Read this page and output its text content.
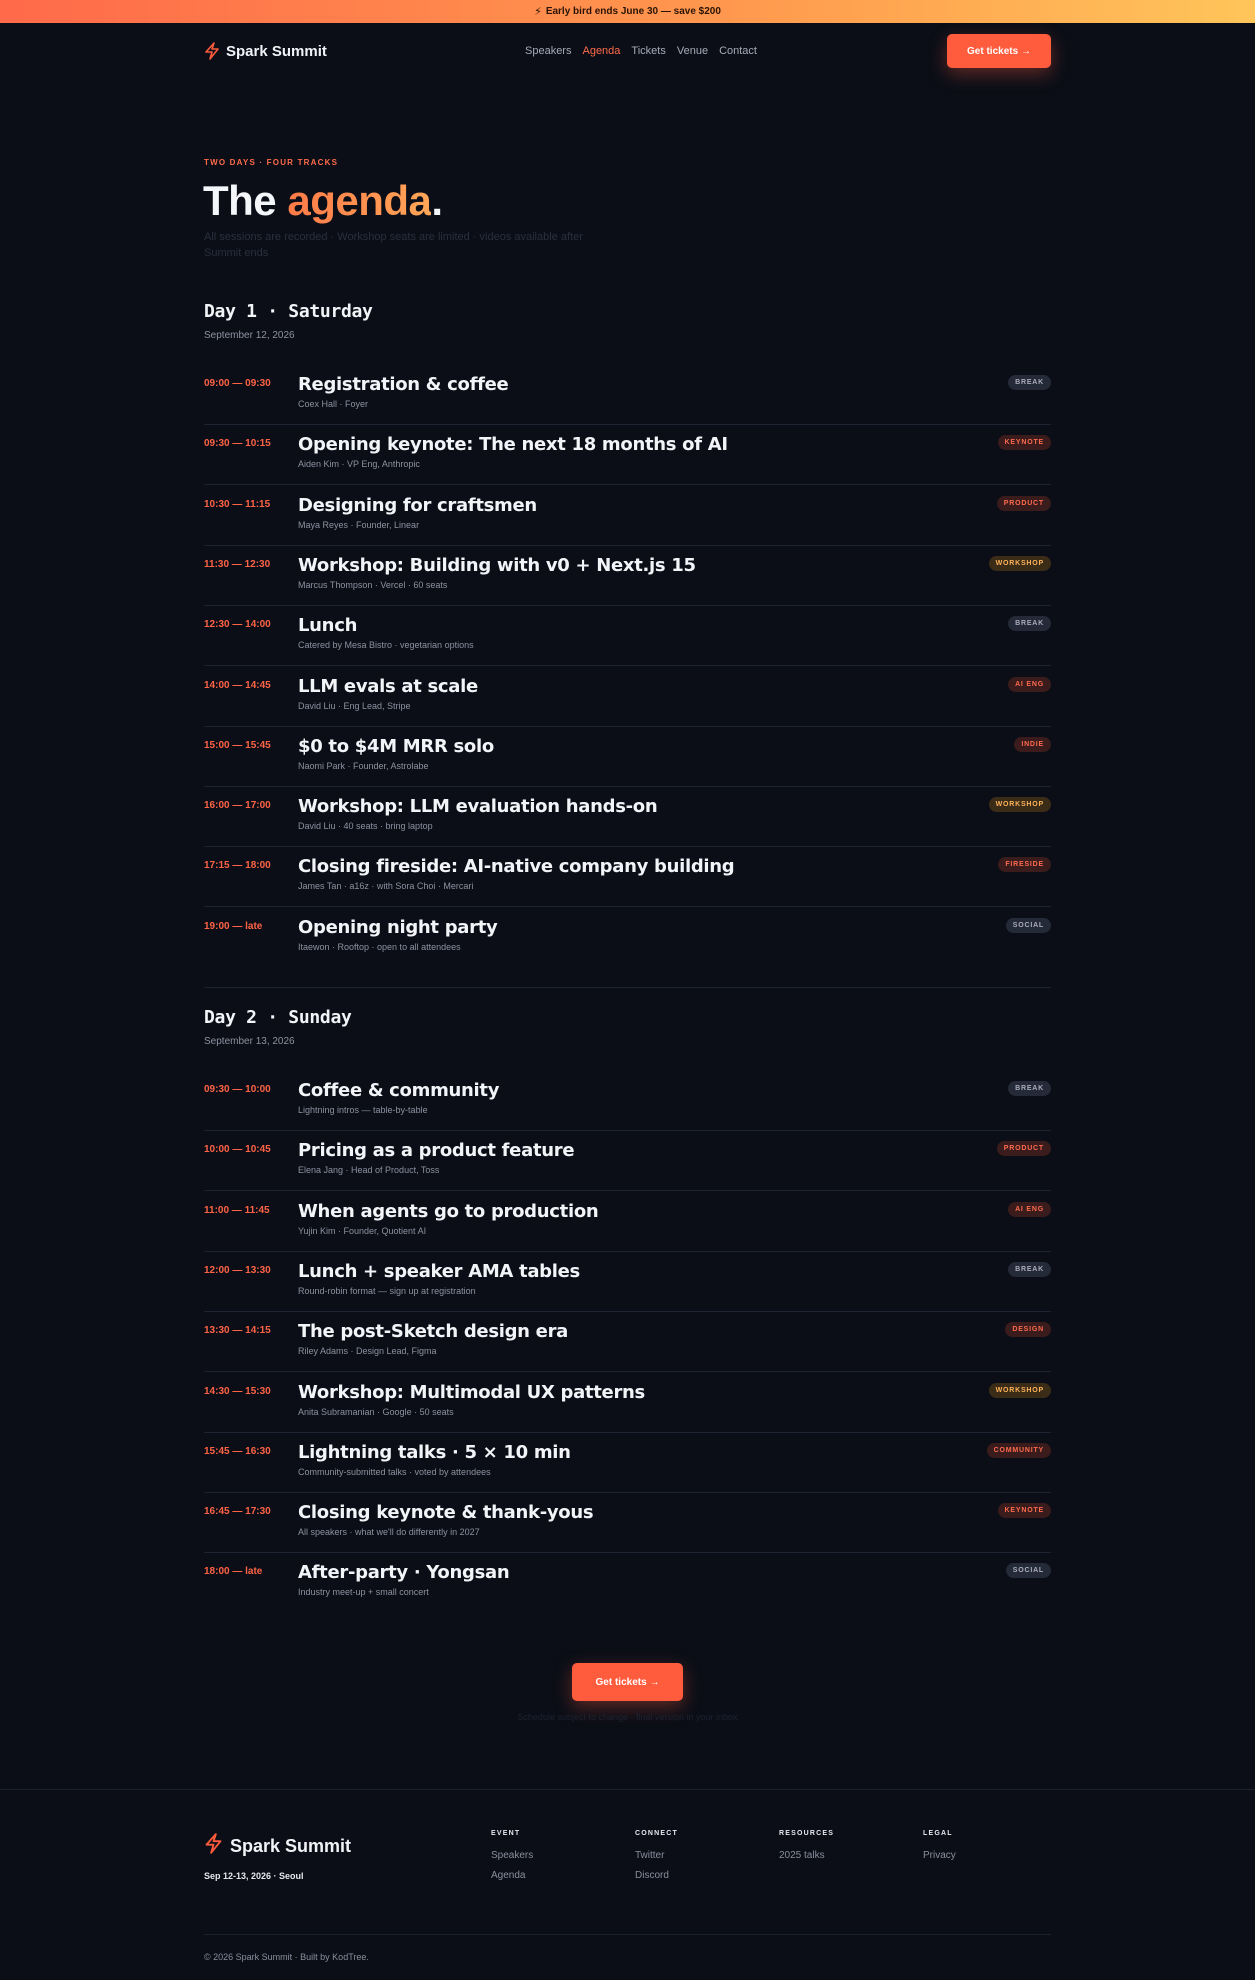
⚡ Early bird ends June 30 — save $200
Spark Summit	Speakers Agenda Tickets Venue Contact	Get tickets →
TWO DAYS · FOUR TRACKS
The agenda.
All sessions are recorded · Workshop seats are limited · videos available after Summit ends
Day 1 · Saturday
September 12, 2026
09:00 — 09:30 Registration & coffee
Coex Hall · Foyer
BREAK
09:30 — 10:15 Opening keynote: The next 18 months of AI
Aiden Kim · VP Eng, Anthropic
KEYNOTE
10:30 — 11:15 Designing for craftsmen
Maya Reyes · Founder, Linear
PRODUCT
11:30 — 12:30 Workshop: Building with v0 + Next.js 15
Marcus Thompson · Vercel · 60 seats
WORKSHOP
12:30 — 14:00 Lunch
Catered by Mesa Bistro · vegetarian options
BREAK
14:00 — 14:45 LLM evals at scale
David Liu · Eng Lead, Stripe
AI ENG
15:00 — 15:45 $0 to $4M MRR solo
Naomi Park · Founder, Astrolabe
INDIE
16:00 — 17:00 Workshop: LLM evaluation hands-on
David Liu · 40 seats · bring laptop
WORKSHOP
17:15 — 18:00 Closing fireside: AI-native company building
James Tan · a16z · with Sora Choi · Mercari
FIRESIDE
19:00 — late Opening night party
Itaewon · Rooftop · open to all attendees
SOCIAL
Day 2 · Sunday
September 13, 2026
09:30 — 10:00 Coffee & community
Lightning intros — table-by-table
BREAK
10:00 — 10:45 Pricing as a product feature
Elena Jang · Head of Product, Toss
PRODUCT
11:00 — 11:45 When agents go to production
Yujin Kim · Founder, Quotient AI
AI ENG
12:00 — 13:30 Lunch + speaker AMA tables
Round-robin format — sign up at registration
BREAK
13:30 — 14:15 The post-Sketch design era
Riley Adams · Design Lead, Figma
DESIGN
14:30 — 15:30 Workshop: Multimodal UX patterns
Anita Subramanian · Google · 50 seats
WORKSHOP
15:45 — 16:30 Lightning talks · 5 × 10 min
Community-submitted talks · voted by attendees
COMMUNITY
16:45 — 17:30 Closing keynote & thank-yous
All speakers · what we'll do differently in 2027
KEYNOTE
18:00 — late After-party · Yongsan
Industry meet-up + small concert
SOCIAL
Get tickets →
Schedule subject to change · final version in your inbox
Spark Summit
Sep 12-13, 2026 · Seoul
EVENT
Speakers
Agenda
CONNECT
Twitter
Discord
RESOURCES
2025 talks
LEGAL
Privacy
© 2026 Spark Summit · Built by KodTree.
